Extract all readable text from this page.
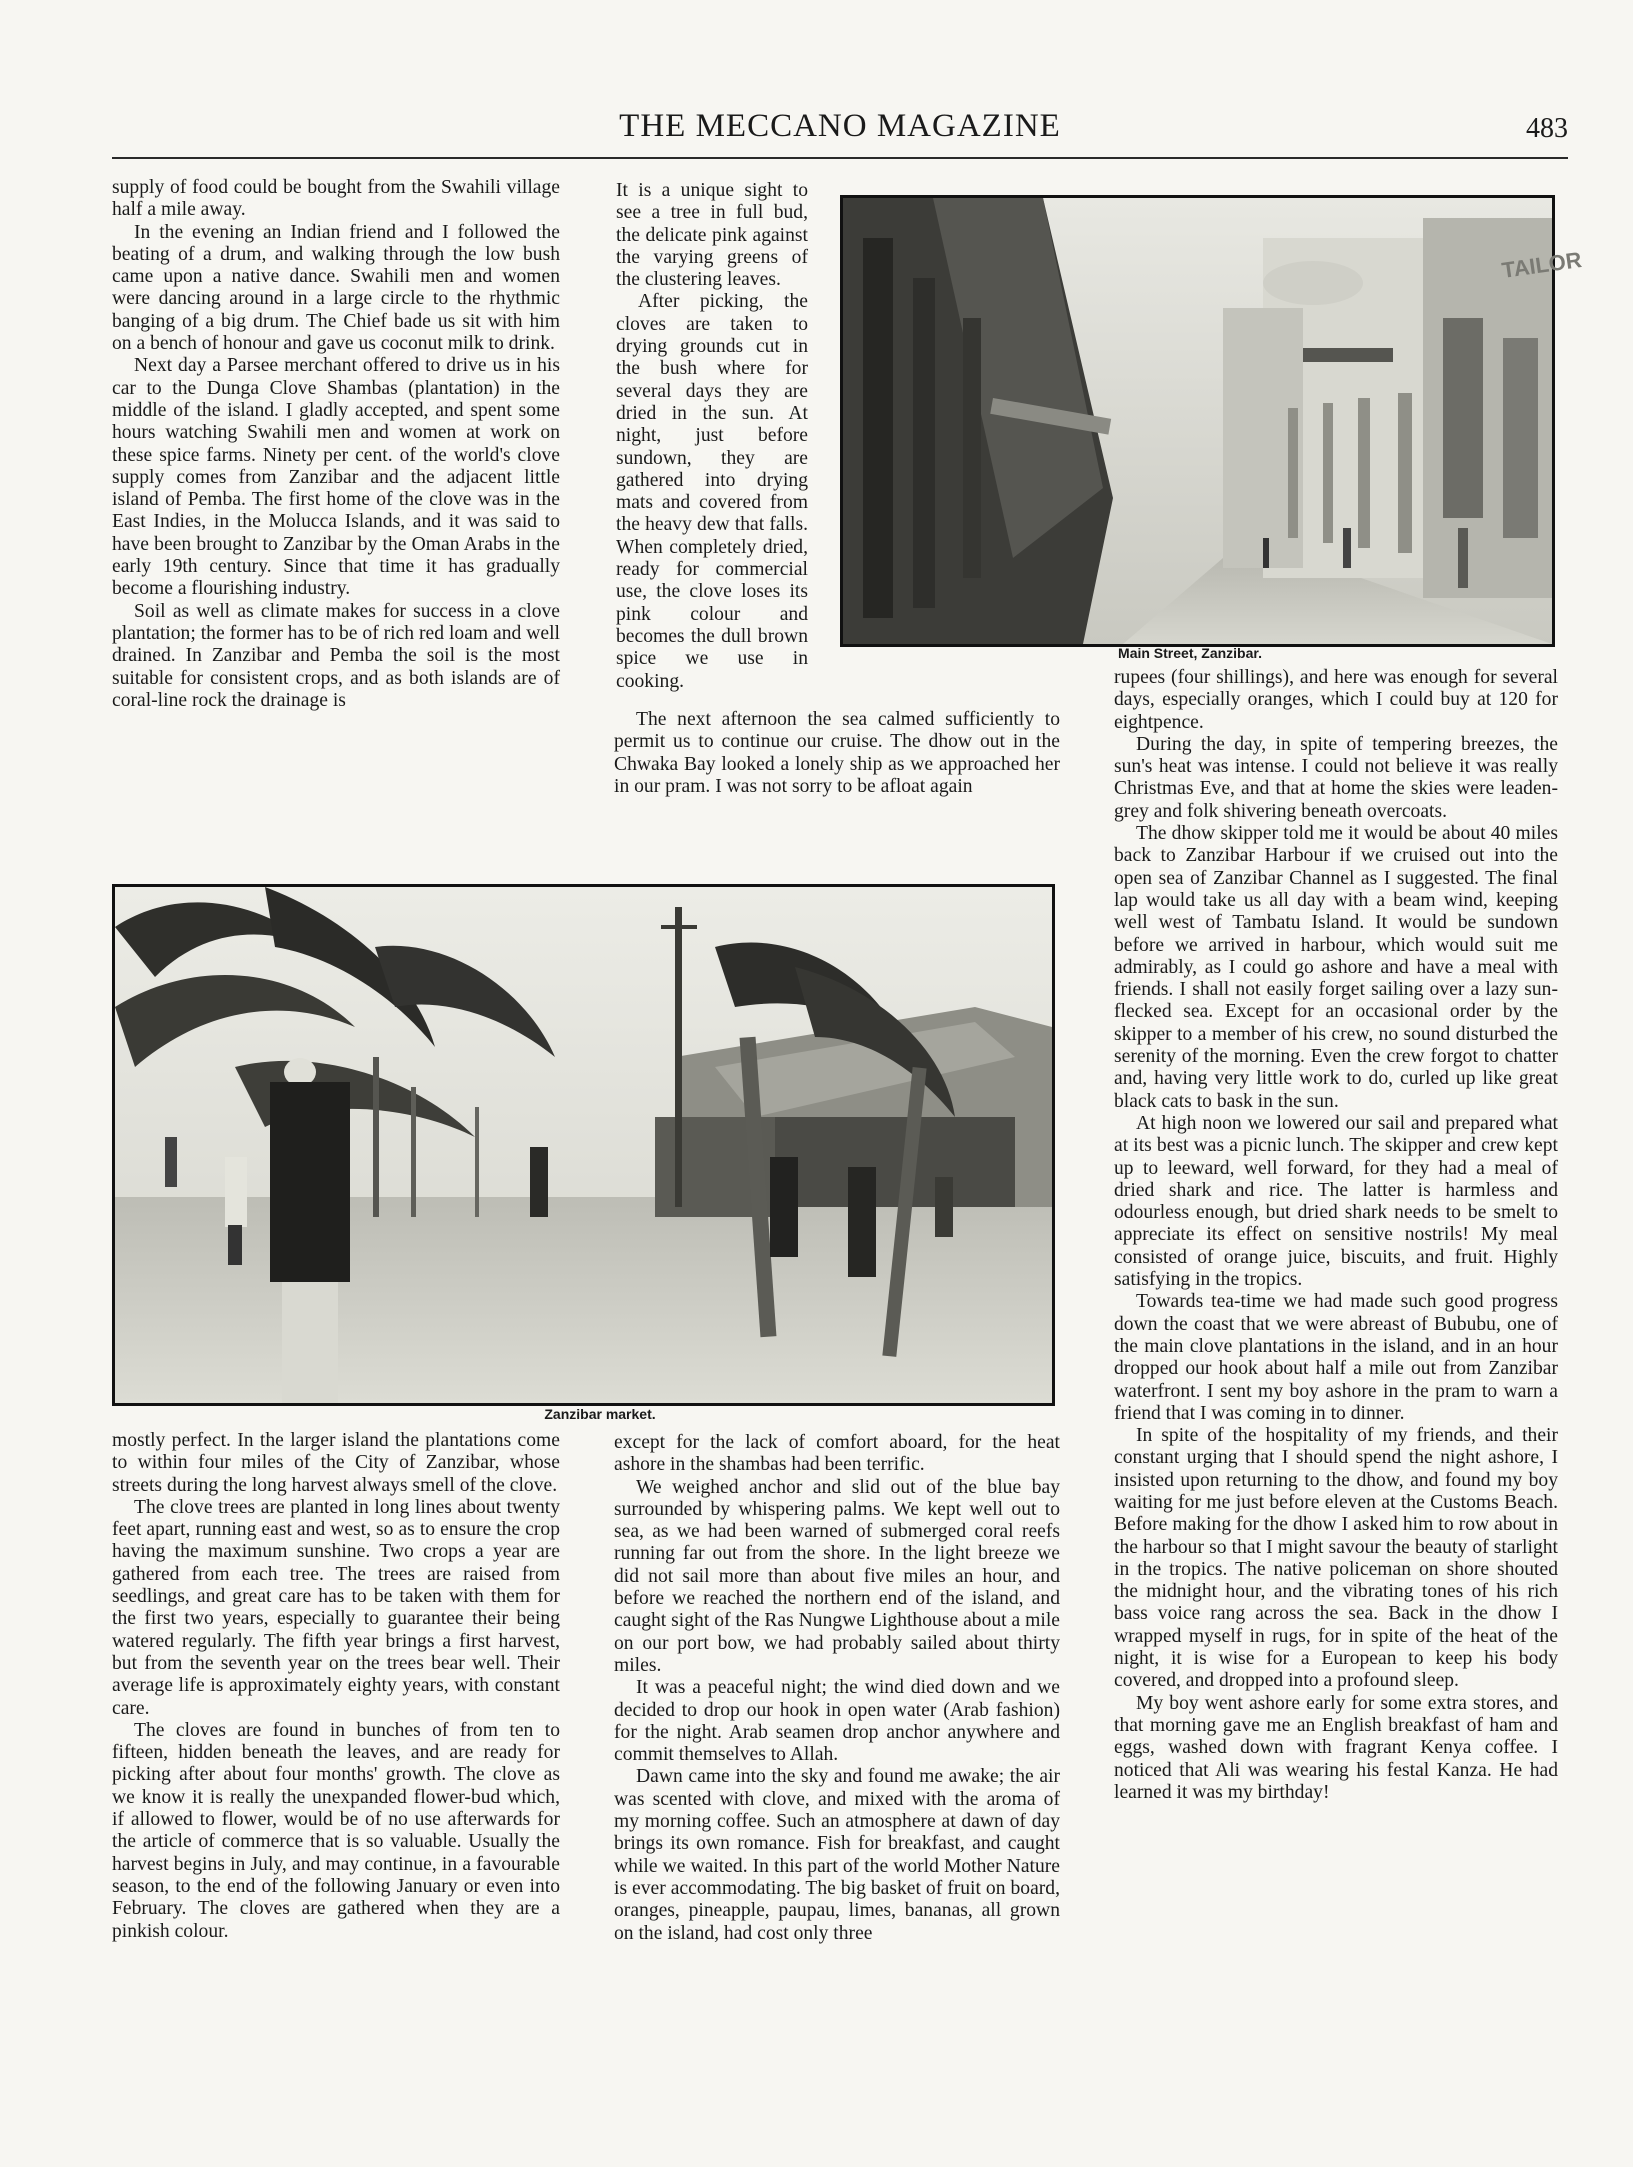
THE MECCANO MAGAZINE	483

supply of food could be bought from the Swahili village half a mile away.

In the evening an Indian friend and I followed the beating of a drum, and walking through the low bush came upon a native dance. Swahili men and women were dancing around in a large circle to the rhythmic banging of a big drum. The Chief bade us sit with him on a bench of honour and gave us coconut milk to drink.

Next day a Parsee merchant offered to drive us in his car to the Dunga Clove Shambas (plantation) in the middle of the island. I gladly accepted, and spent some hours watching Swahili men and women at work on these spice farms. Ninety per cent. of the world's clove supply comes from Zanzibar and the adjacent little island of Pemba. The first home of the clove was in the East Indies, in the Molucca Islands, and it was said to have been brought to Zanzibar by the Oman Arabs in the early 19th century. Since that time it has gradually become a flourishing industry.

Soil as well as climate makes for success in a clove plantation; the former has to be of rich red loam and well drained. In Zanzibar and Pemba the soil is the most suitable for consistent crops, and as both islands are of coral-line rock the drainage is

It is a unique sight to see a tree in full bud, the delicate pink against the varying greens of the clustering leaves.

After picking, the cloves are taken to drying grounds cut in the bush where for several days they are dried in the sun. At night, just before sundown, they are gathered into drying mats and covered from the heavy dew that falls. When completely dried, ready for commercial use, the clove loses its pink colour and becomes the dull brown spice we use in cooking.

The next afternoon the sea calmed sufficiently to permit us to continue our cruise. The dhow out in the Chwaka Bay looked a lonely ship as we approached her in our pram. I was not sorry to be afloat again

TAILOR
Main Street, Zanzibar.

rupees (four shillings), and here was enough for several days, especially oranges, which I could buy at 120 for eightpence.

During the day, in spite of tempering breezes, the sun's heat was intense. I could not believe it was really Christmas Eve, and that at home the skies were leaden-grey and folk shivering beneath overcoats.

The dhow skipper told me it would be about 40 miles back to Zanzibar Harbour if we cruised out into the open sea of Zanzibar Channel as I suggested. The final lap would take us all day with a beam wind, keeping well west of Tambatu Island. It would be sundown before we arrived in harbour, which would suit me admirably, as I could go ashore and have a meal with friends. I shall not easily forget sailing over a lazy sun-flecked sea. Except for an occasional order by the skipper to a member of his crew, no sound disturbed the serenity of the morning. Even the crew forgot to chatter and, having very little work to do, curled up like great black cats to bask in the sun.

At high noon we lowered our sail and prepared what at its best was a picnic lunch. The skipper and crew kept up to leeward, well forward, for they had a meal of dried shark and rice. The latter is harmless and odourless enough, but dried shark needs to be smelt to appreciate its effect on sensitive nostrils! My meal consisted of orange juice, biscuits, and fruit. Highly satisfying in the tropics.

Towards tea-time we had made such good progress down the coast that we were abreast of Bububu, one of the main clove plantations in the island, and in an hour dropped our hook about half a mile out from Zanzibar waterfront. I sent my boy ashore in the pram to warn a friend that I was coming in to dinner.

In spite of the hospitality of my friends, and their constant urging that I should spend the night ashore, I insisted upon returning to the dhow, and found my boy waiting for me just before eleven at the Customs Beach. Before making for the dhow I asked him to row about in the harbour so that I might savour the beauty of starlight in the tropics. The native policeman on shore shouted the midnight hour, and the vibrating tones of his rich bass voice rang across the sea. Back in the dhow I wrapped myself in rugs, for in spite of the heat of the night, it is wise for a European to keep his body covered, and dropped into a profound sleep.

My boy went ashore early for some extra stores, and that morning gave me an English breakfast of ham and eggs, washed down with fragrant Kenya coffee. I noticed that Ali was wearing his festal Kanza. He had learned it was my birthday!

Zanzibar market.

mostly perfect. In the larger island the plantations come to within four miles of the City of Zanzibar, whose streets during the long harvest always smell of the clove.

The clove trees are planted in long lines about twenty feet apart, running east and west, so as to ensure the crop having the maximum sunshine. Two crops a year are gathered from each tree. The trees are raised from seedlings, and great care has to be taken with them for the first two years, especially to guarantee their being watered regularly. The fifth year brings a first harvest, but from the seventh year on the trees bear well. Their average life is approximately eighty years, with constant care.

The cloves are found in bunches of from ten to fifteen, hidden beneath the leaves, and are ready for picking after about four months' growth. The clove as we know it is really the unexpanded flower-bud which, if allowed to flower, would be of no use afterwards for the article of commerce that is so valuable. Usually the harvest begins in July, and may continue, in a favourable season, to the end of the following January or even into February. The cloves are gathered when they are a pinkish colour.

except for the lack of comfort aboard, for the heat ashore in the shambas had been terrific.

We weighed anchor and slid out of the blue bay surrounded by whispering palms. We kept well out to sea, as we had been warned of submerged coral reefs running far out from the shore. In the light breeze we did not sail more than about five miles an hour, and before we reached the northern end of the island, and caught sight of the Ras Nungwe Lighthouse about a mile on our port bow, we had probably sailed about thirty miles.

It was a peaceful night; the wind died down and we decided to drop our hook in open water (Arab fashion) for the night. Arab seamen drop anchor anywhere and commit themselves to Allah.

Dawn came into the sky and found me awake; the air was scented with clove, and mixed with the aroma of my morning coffee. Such an atmosphere at dawn of day brings its own romance. Fish for breakfast, and caught while we waited. In this part of the world Mother Nature is ever accommodating. The big basket of fruit on board, oranges, pineapple, paupau, limes, bananas, all grown on the island, had cost only three
